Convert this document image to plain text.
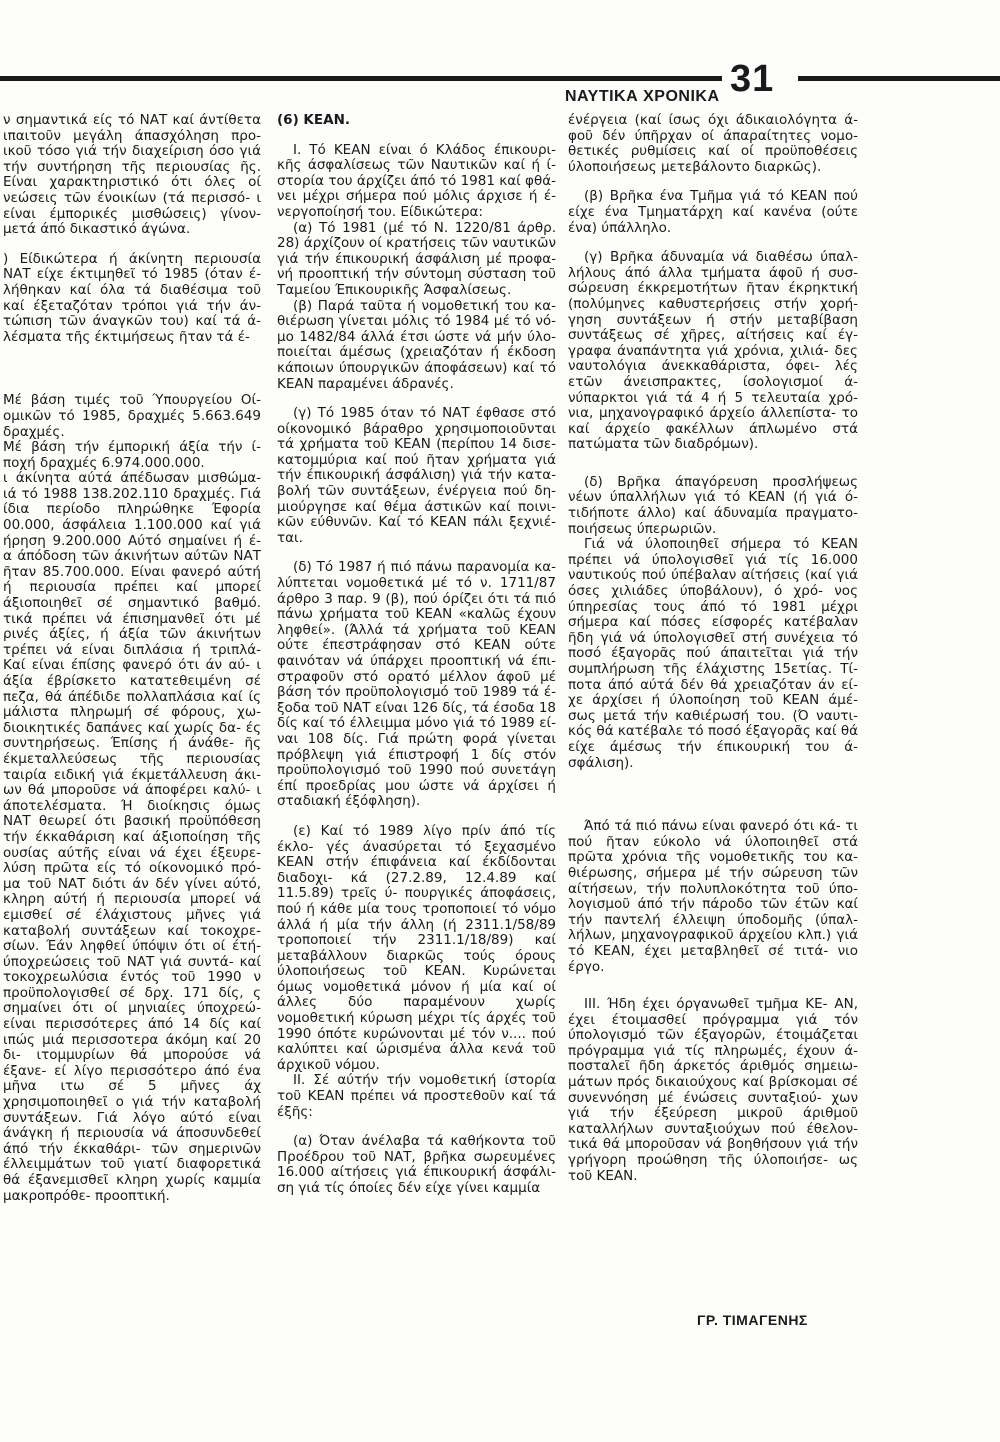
31
ΝΑΥΤΙΚΑ ΧΡΟΝΙΚΑ

ν σημαντικά είς τό ΝΑΤ καί άντίθετα ιπαιτοῦν μεγάλη άπασχόληση προ- ικοῦ τόσο γιά τήν διαχείριση όσο γιά τήν συντήρηση τῆς περιουσίας ῆς. Είναι χαρακτηριστικό ότι όλες οί νεώσεις τῶν ένοικίων (τά περισσό- ι είναι έμπορικές μισθώσεις) γίνον- μετά άπό δικαστικό άγώνα.

) Είδικώτερα ή άκίνητη περιουσία ΝΑΤ είχε έκτιμηθεῖ τό 1985 (όταν έ- λήθηκαν καί όλα τά διαθέσιμα τοῦ καί έξεταζόταν τρόποι γιά τήν άν- τώπιση τῶν άναγκῶν του) καί τά ά- λέσματα τῆς έκτιμήσεως ῆταν τά έ-

Μέ βάση τιμές τοῦ Ύπουργείου Οί- ομικῶν τό 1985, δραχμές 5.663.649 δραχμές.

Μέ βάση τήν έμπορική άξία τήν ί- ποχή δραχμές 6.974.000.000.

ι άκίνητα αύτά άπέδωσαν μισθώμα- ιά τό 1988 138.202.110 δραχμές. Γιά ίδια περίοδο πληρώθηκε Έφορία 00.000, άσφάλεια 1.100.000 καί γιά ήρηση 9.200.000 Αύτό σημαίνει ή έ- α άπόδοση τῶν άκινήτων αύτῶν ΝΑΤ ῆταν 85.700.000. Είναι φανερό αύτή ή περιουσία πρέπει καί μπορεί άξιοποιηθεῖ σέ σημαντικό βαθμό. τικά πρέπει νά έπισημανθεῖ ότι μέ ρινές άξίες, ή άξία τῶν άκινήτων τρέπει νά είναι διπλάσια ή τριπλά- Καί είναι έπίσης φανερό ότι άν αύ- ι άξία έβρίσκετο κατατεθειμένη σέ πεζα, θά άπέδιδε πολλαπλάσια καί ίς μάλιστα πληρωμή σέ φόρους, χω- διοικητικές δαπάνες καί χωρίς δα- ές συντηρήσεως. Έπίσης ή άνάθε- ῆς έκμεταλλεύσεως τῆς περιουσίας ταιρία ειδική γιά έκμετάλλευση άκι- ων θά μποροῦσε νά άποφέρει καλύ- ι άποτελέσματα. Ή διοίκησις όμως ΝΑΤ θεωρεί ότι βασική προϋπόθεση τήν έκκαθάριση καί άξιοποίηση τῆς ουσίας αύτῆς είναι νά έχει έξευρε- λύση πρῶτα είς τό οίκονομικό πρό- μα τοῦ ΝΑΤ διότι άν δέν γίνει αύτό, κληρη αύτή ή περιουσία μπορεί νά εμισθεί σέ έλάχιστους μῆνες γιά καταβολή συντάξεων καί τοκοχρε- σίων. Έάν ληφθεί ύπόψιν ότι οί έτή- ύποχρεώσεις τοῦ ΝΑΤ γιά συντά- καί τοκοχρεωλύσια έντός τοῦ 1990 ν προϋπολογισθεί σέ δρχ. 171 δίς, ς σημαίνει ότι οί μηνιαίες ύποχρεώ- είναι περισσότερες άπό 14 δίς καί ιπώς μιά περισσοτερα άκόμη καί 20 δι- ιτομμυρίων θά μπορούσε νά έξανε- εί λίγο περισσότερο άπό ένα μῆνα ιτω σέ 5 μῆνες άχ χρησιμοποιηθεῖ ο γιά τήν καταβολή συντάξεων. Γιά λόγο αύτό είναι άνάγκη ή περιουσία νά άποσυνδεθεί άπό τήν έκκαθάρι- τῶν σημερινῶν έλλειμμάτων τοῦ γιατί διαφορετικά θά έξανεμισθεῖ κληρη χωρίς καμμία μακροπρόθε- προοπτική.

(6) ΚΕΑΝ.

Ι. Τό ΚΕΑΝ είναι ό Κλάδος έπικουρι- κῆς άσφαλίσεως τῶν Ναυτικῶν καί ή ί- στορία του άρχίζει άπό τό 1981 καί φθά- νει μέχρι σήμερα πού μόλις άρχισε ή έ- νεργοποίησή του. Είδικώτερα:

(α) Τό 1981 (μέ τό Ν. 1220/81 άρθρ. 28) άρχίζουν οί κρατήσεις τῶν ναυτικῶν γιά τήν έπικουρική άσφάλιση μέ προφα- νή προοπτική τήν σύντομη σύσταση τοῦ Ταμείου Έπικουρικῆς Άσφαλίσεως.

(β) Παρά ταῦτα ή νομοθετική του κα- θιέρωση γίνεται μόλις τό 1984 μέ τό νό- μο 1482/84 άλλά έτσι ώστε νά μήν ύλο- ποιείται άμέσως (χρειαζόταν ή έκδοση κάποιων ύπουργικῶν άποφάσεων) καί τό ΚΕΑΝ παραμένει άδρανές.

(γ) Τό 1985 όταν τό ΝΑΤ έφθασε στό οίκονομικό βάραθρο χρησιμοποιοῦνται τά χρήματα τοῦ ΚΕΑΝ (περίπου 14 δισε- κατομμύρια καί πού ῆταν χρήματα γιά τήν έπικουρική άσφάλιση) γιά τήν κατα- βολή τῶν συντάξεων, ένέργεια πού δη- μιούργησε καί θέμα άστικῶν καί ποινι- κῶν εύθυνῶν. Καί τό ΚΕΑΝ πάλι ξεχνιέ- ται.

(δ) Τό 1987 ή πιό πάνω παρανομία κα- λύπτεται νομοθετικά μέ τό ν. 1711/87 άρθρο 3 παρ. 9 (β), πού όρίζει ότι τά πιό πάνω χρήματα τοῦ ΚΕΑΝ «καλῶς έχουν ληφθεί». (Άλλά τά χρήματα τοῦ ΚΕΑΝ ούτε έπεστράφησαν στό ΚΕΑΝ ούτε φαινόταν νά ύπάρχει προοπτική νά έπι- στραφοῦν στό ορατό μέλλον άφοῦ μέ βάση τόν προϋπολογισμό τοῦ 1989 τά έ- ξοδα τοῦ ΝΑΤ είναι 126 δίς, τά έσοδα 18 δίς καί τό έλλειμμα μόνο γιά τό 1989 εί- ναι 108 δίς. Γιά πρώτη φορά γίνεται πρόβλεψη γιά έπιστροφή 1 δίς στόν προϋπολογισμό τοῦ 1990 πού συνετάγη έπί προεδρίας μου ώστε νά άρχίσει ή σταδιακή έξόφληση).

(ε) Καί τό 1989 λίγο πρίν άπό τίς έκλο- γές άνασύρεται τό ξεχασμένο ΚΕΑΝ στήν έπιφάνεια καί έκδίδονται διαδοχι- κά (27.2.89, 12.4.89 καί 11.5.89) τρεῖς ύ- πουργικές άποφάσεις, πού ή κάθε μία τους τροποποιεί τό νόμο άλλά ή μία τήν άλλη (ή 2311.1/58/89 τροποποιεί τήν 2311.1/18/89) καί μεταβάλλουν διαρκῶς τούς όρους ύλοποιήσεως τοῦ ΚΕΑΝ. Κυρώνεται όμως νομοθετικά μόνον ή μία καί οί άλλες δύο παραμένουν χωρίς νομοθετική κύρωση μέχρι τίς άρχές τοῦ 1990 όπότε κυρώνονται μέ τόν ν.... πού καλύπτει καί ώρισμένα άλλα κενά τοῦ άρχικοῦ νόμου.

ΙΙ. Σέ αύτήν τήν νομοθετική ίστορία τοῦ ΚΕΑΝ πρέπει νά προστεθοῦν καί τά έξῆς:

(α) Όταν άνέλαβα τά καθήκοντα τοῦ Προέδρου τοῦ ΝΑΤ, βρῆκα σωρευμένες 16.000 αίτήσεις γιά έπικουρική άσφάλι- ση γιά τίς όποίες δέν είχε γίνει καμμία

ένέργεια (καί ίσως όχι άδικαιολόγητα ά- φοῦ δέν ύπῆρχαν οί άπαραίτητες νομο- θετικές ρυθμίσεις καί οί προϋποθέσεις ύλοποιήσεως μετεβάλοντο διαρκῶς).

(β) Βρῆκα ένα Τμῆμα γιά τό ΚΕΑΝ πού είχε ένα Τμηματάρχη καί κανένα (ούτε ένα) ύπάλληλο.

(γ) Βρῆκα άδυναμία νά διαθέσω ύπαλ- λήλους άπό άλλα τμήματα άφοῦ ή συσ- σώρευση έκκρεμοτήτων ῆταν έκρηκτική (πολύμηνες καθυστερήσεις στήν χορή- γηση συντάξεων ή στήν μεταβίβαση συντάξεως σέ χῆρες, αίτήσεις καί έγ- γραφα άναπάντητα γιά χρόνια, χιλιά- δες ναυτολόγια άνεκκαθάριστα, όφει- λές ετῶν άνεισπρακτες, ίσολογισμοί ά- νύπαρκτοι γιά τά 4 ή 5 τελευταία χρό- νια, μηχανογραφικό άρχείο άλλεπίστα- το καί άρχείο φακέλλων άπλωμένο στά πατώματα τῶν διαδρόμων).

(δ) Βρῆκα άπαγόρευση προσλήψεως νέων ύπαλλήλων γιά τό ΚΕΑΝ (ή γιά ό- τιδήποτε άλλο) καί άδυναμία πραγματο- ποιήσεως ύπερωριῶν.

Γιά νά ύλοποιηθεῖ σήμερα τό ΚΕΑΝ πρέπει νά ύπολογισθεῖ γιά τίς 16.000 ναυτικούς πού ύπέβαλαν αίτήσεις (καί γιά όσες χιλιάδες ύποβάλουν), ό χρό- νος ύπηρεσίας τους άπό τό 1981 μέχρι σήμερα καί πόσες είσφορές κατέβαλαν ῆδη γιά νά ύπολογισθεῖ στή συνέχεια τό ποσό έξαγορᾶς πού άπαιτεῖται γιά τήν συμπλήρωση τῆς έλάχιστης 15ετίας. Τί- ποτα άπό αύτά δέν θά χρειαζόταν άν εί- χε άρχίσει ή ύλοποίηση τοῦ ΚΕΑΝ άμέ- σως μετά τήν καθιέρωσή του. (Ό ναυτι- κός θά κατέβαλε τό ποσό έξαγορᾶς καί θά είχε άμέσως τήν έπικουρική του ά- σφάλιση).

Άπό τά πιό πάνω είναι φανερό ότι κά- τι πού ῆταν εύκολο νά ύλοποιηθεῖ στά πρῶτα χρόνια τῆς νομοθετικῆς του κα- θιέρωσης, σήμερα μέ τήν σώρευση τῶν αίτήσεων, τήν πολυπλοκότητα τοῦ ύπο- λογισμοῦ άπό τήν πάροδο τῶν έτῶν καί τήν παντελή έλλειψη ύποδομῆς (ύπαλ- λήλων, μηχανογραφικοῦ άρχείου κλπ.) γιά τό ΚΕΑΝ, έχει μεταβληθεῖ σέ τιτά- νιο έργο.

ΙΙΙ. Ήδη έχει όργανωθεῖ τμῆμα ΚΕ- ΑΝ, έχει έτοιμασθεί πρόγραμμα γιά τόν ύπολογισμό τῶν έξαγορῶν, έτοιμάζεται πρόγραμμα γιά τίς πληρωμές, έχουν ά- ποσταλεῖ ῆδη άρκετός άριθμός σημειω- μάτων πρός δικαιούχους καί βρίσκομαι σέ συνεννόηση μέ ένώσεις συνταξιού- χων γιά τήν έξεύρεση μικροῦ άριθμοῦ καταλλήλων συνταξιούχων πού έθελον- τικά θά μποροῦσαν νά βοηθήσουν γιά τήν γρήγορη προώθηση τῆς ύλοποιήσε- ως τοῦ ΚΕΑΝ.

ΓΡ. ΤΙΜΑΓΕΝΗΣ
